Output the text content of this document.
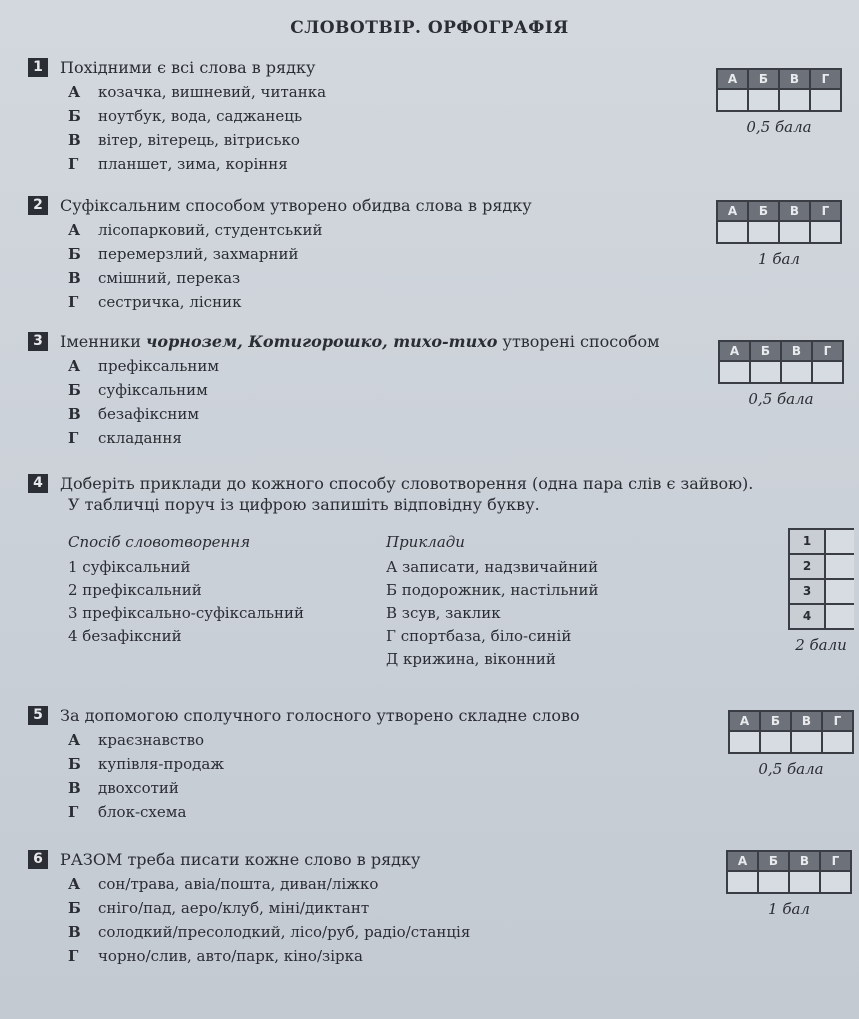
СЛОВОТВІР. ОРФОГРАФІЯ
1	Похідними є всі слова в рядку
А козачка, вишневий, читанка
Б ноутбук, вода, саджанець
В вітер, вітерець, вітрисько
Г планшет, зима, коріння
А	Б	В	Г
0,5 бала
2	Суфіксальним способом утворено обидва слова в рядку
А лісопарковий, студентський
Б перемерзлий, захмарний
В смішний, переказ
Г сестричка, лісник
А	Б	В	Г
1 бал
3	Іменники чорнозем, Котигорошко, тихо-тихо утворені способом
А префіксальним
Б суфіксальним
В безафіксним
Г складання
А	Б	В	Г
0,5 бала
4	Доберіть приклади до кожного способу словотворення (одна пара слів є зайвою).
У табличці поруч із цифрою запишіть відповідну букву.
Спосіб словотворення
1 суфіксальний
2 префіксальний
3 префіксально-суфіксальний
4 безафіксний
Приклади
А записати, надзвичайний
Б подорожник, настільний
В зсув, заклик
Г спортбаза, біло-синій
Д крижина, віконний
1
2
3
4
2 бали
5	За допомогою сполучного голосного утворено складне слово
А краєзнавство
Б купівля-продаж
В двохсотий
Г блок-схема
А	Б	В	Г
0,5 бала
6	РАЗОМ треба писати кожне слово в рядку
А сон/трава, авіа/пошта, диван/ліжко
Б сніго/пад, аеро/клуб, міні/диктант
В солодкий/пресолодкий, лісо/руб, радіо/станція
Г чорно/слив, авто/парк, кіно/зірка
А	Б	В	Г
1 бал
